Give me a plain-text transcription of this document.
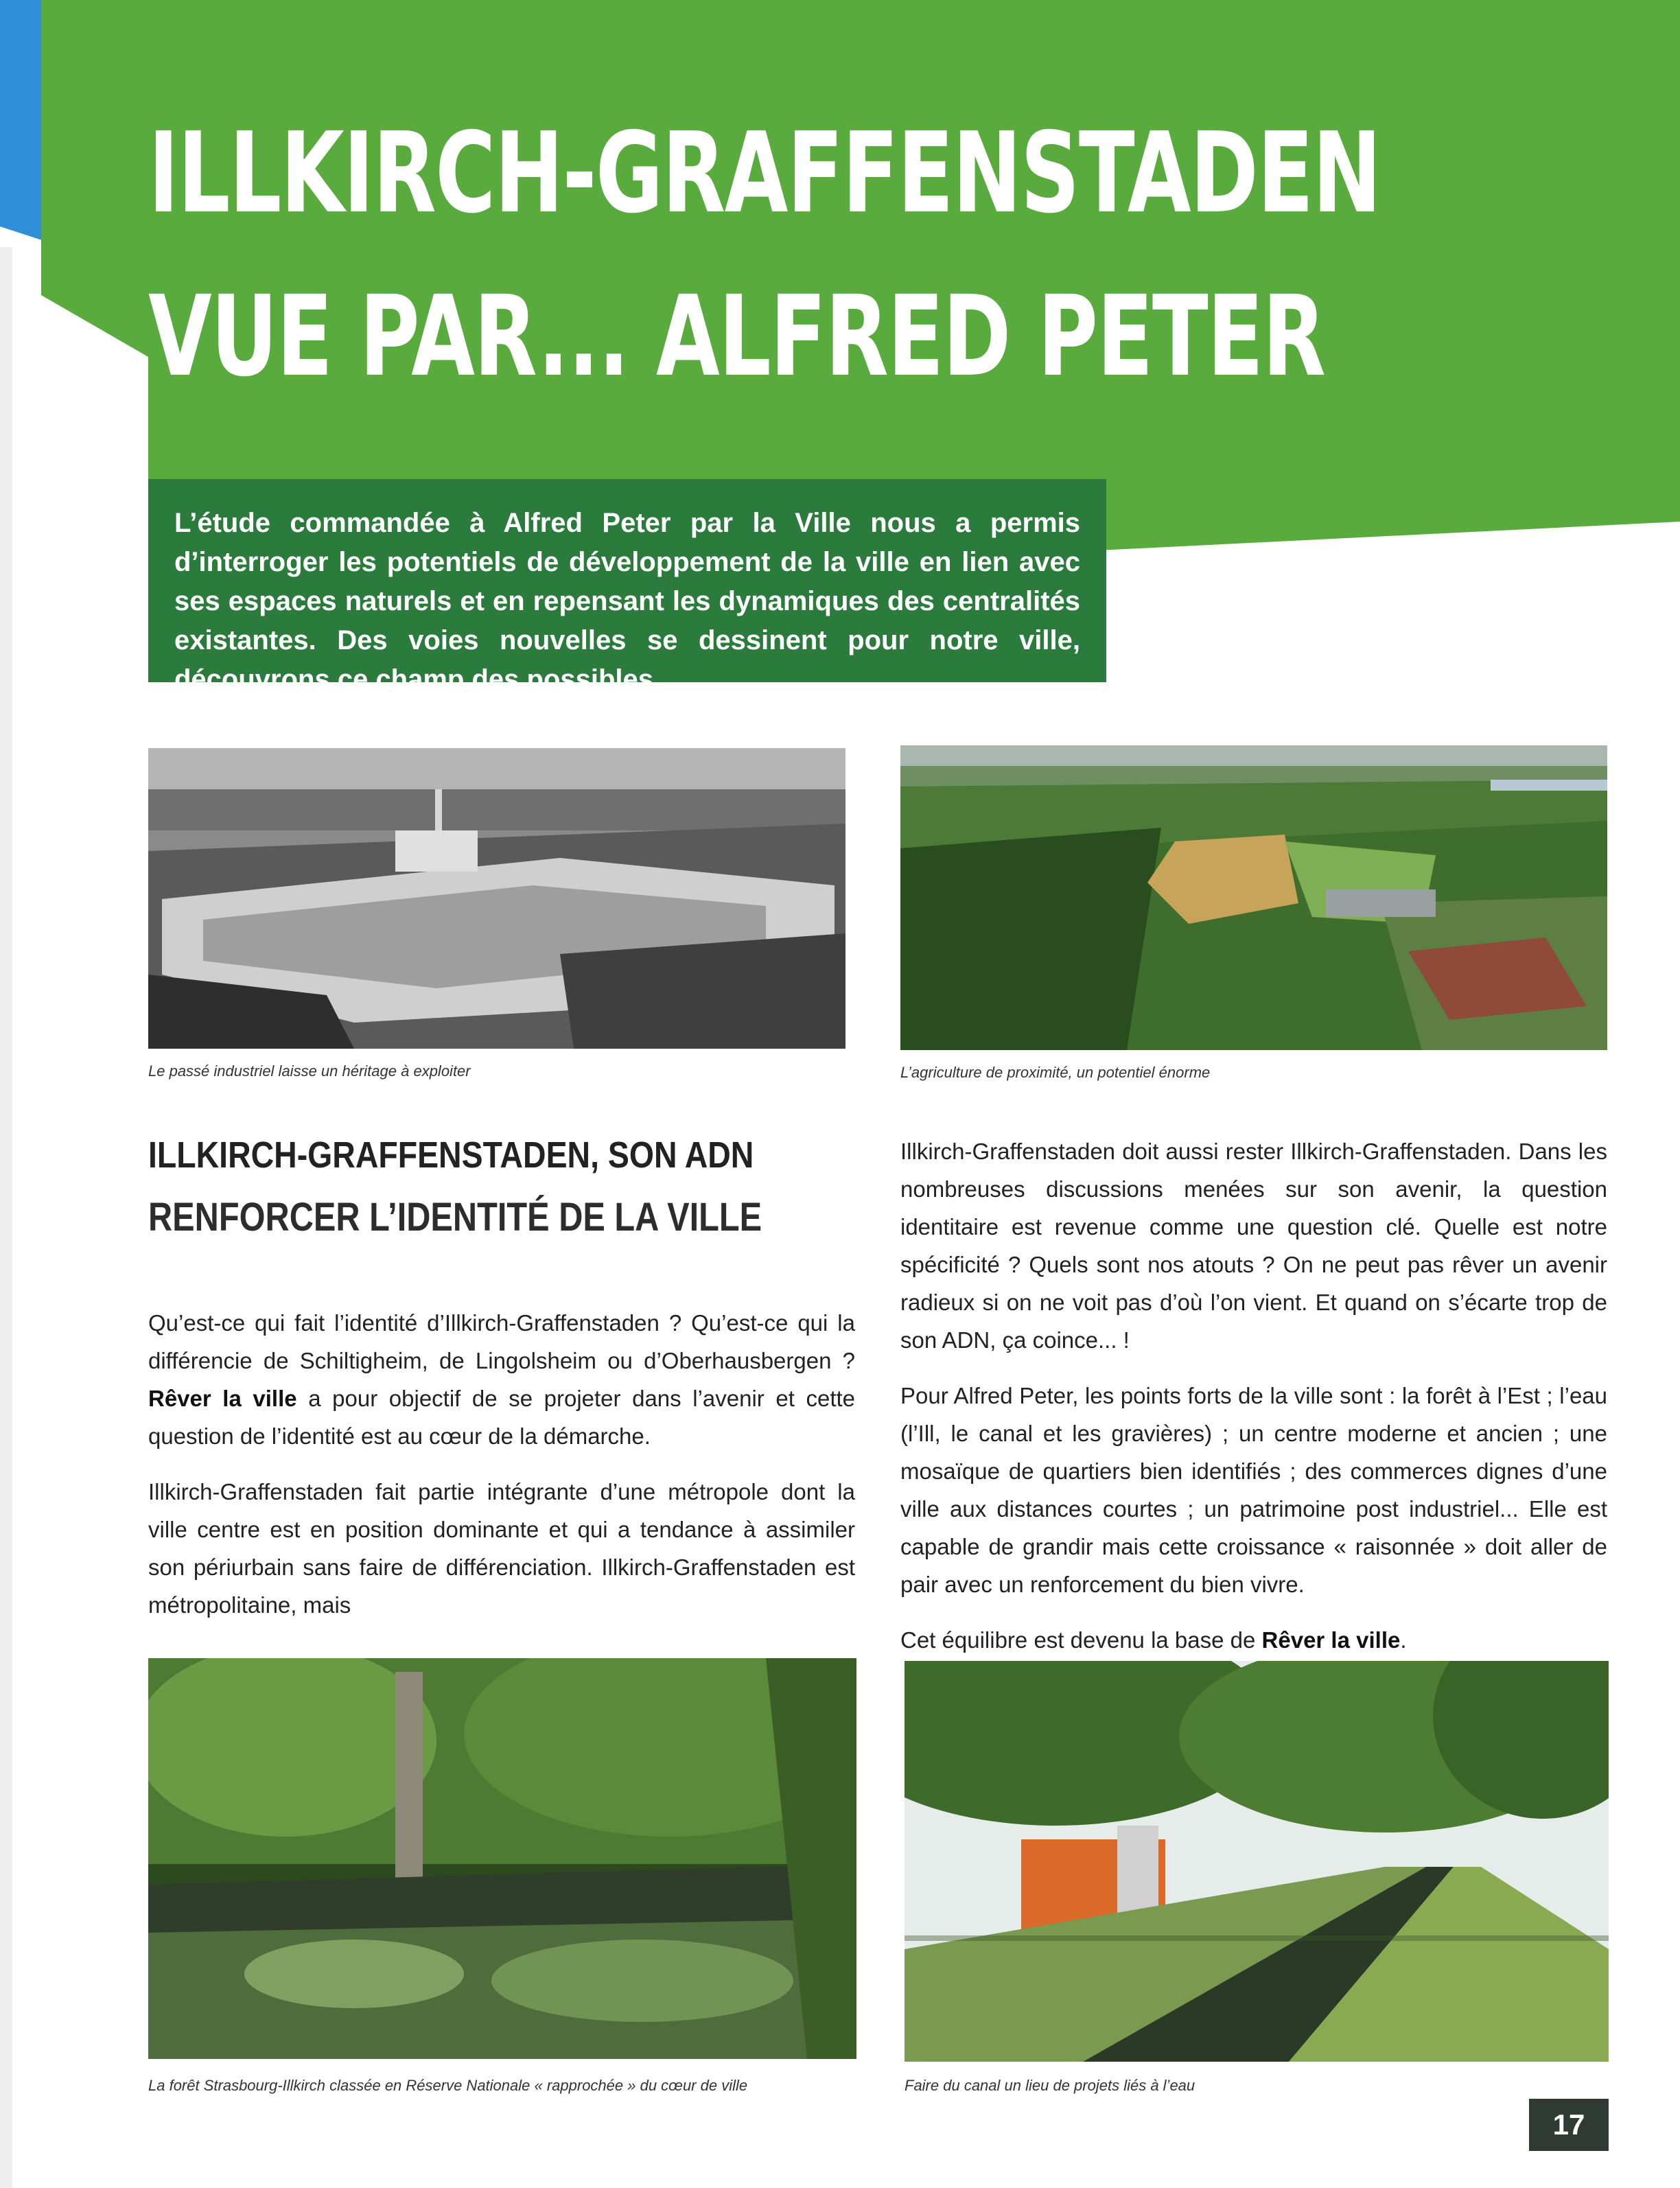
ILLKIRCH-GRAFFENSTADEN
VUE PAR... ALFRED PETER

L’étude commandée à Alfred Peter par la Ville nous a permis d’interroger les potentiels de développement de la ville en lien avec ses espaces naturels et en repensant les dynamiques des centralités existantes. Des voies nouvelles se dessinent pour notre ville, découvrons ce champ des possibles...

Le passé industriel laisse un héritage à exploiter	L’agriculture de proximité, un potentiel énorme

ILLKIRCH-GRAFFENSTADEN, SON ADN
RENFORCER L’IDENTITÉ DE LA VILLE

Qu’est-ce qui fait l’identité d’Illkirch-Graffenstaden ? Qu’est-ce qui la différencie de Schiltigheim, de Lingolsheim ou d’Oberhausbergen ? Rêver la ville a pour objectif de se projeter dans l’avenir et cette question de l’identité est au cœur de la démarche.

Illkirch-Graffenstaden fait partie intégrante d’une métropole dont la ville centre est en position dominante et qui a tendance à assimiler son périurbain sans faire de différenciation. Illkirch-Graffenstaden est métropolitaine, mais

Illkirch-Graffenstaden doit aussi rester Illkirch-Graffenstaden. Dans les nombreuses discussions menées sur son avenir, la question identitaire est revenue comme une question clé. Quelle est notre spécificité ? Quels sont nos atouts ? On ne peut pas rêver un avenir radieux si on ne voit pas d’où l’on vient. Et quand on s’écarte trop de son ADN, ça coince... !

Pour Alfred Peter, les points forts de la ville sont : la forêt à l’Est ; l’eau (l’Ill, le canal et les gravières) ; un centre moderne et ancien ; une mosaïque de quartiers bien identifiés ; des commerces dignes d’une ville aux distances courtes ; un patrimoine post industriel... Elle est capable de grandir mais cette croissance « raisonnée » doit aller de pair avec un renforcement du bien vivre.

Cet équilibre est devenu la base de Rêver la ville.

La forêt Strasbourg-Illkirch classée en Réserve Nationale « rapprochée » du cœur de ville	Faire du canal un lieu de projets liés à l’eau

17
